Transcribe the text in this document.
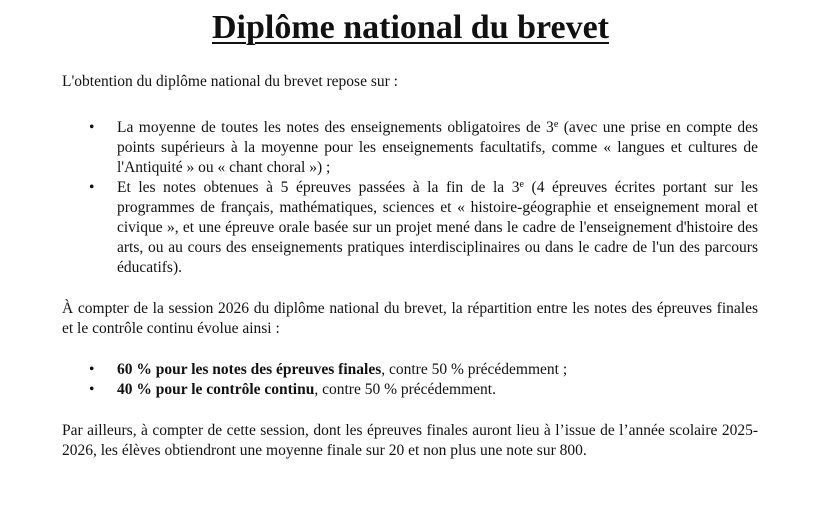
Diplôme national du brevet

L'obtention du diplôme national du brevet repose sur :

• La moyenne de toutes les notes des enseignements obligatoires de 3e (avec une prise en compte des points supérieurs à la moyenne pour les enseignements facultatifs, comme « langues et cultures de l'Antiquité » ou « chant choral ») ;
• Et les notes obtenues à 5 épreuves passées à la fin de la 3e (4 épreuves écrites portant sur les programmes de français, mathématiques, sciences et « histoire-géographie et enseignement moral et civique », et une épreuve orale basée sur un projet mené dans le cadre de l'enseignement d'histoire des arts, ou au cours des enseignements pratiques interdisciplinaires ou dans le cadre de l'un des parcours éducatifs).

À compter de la session 2026 du diplôme national du brevet, la répartition entre les notes des épreuves finales et le contrôle continu évolue ainsi :

• 60 % pour les notes des épreuves finales, contre 50 % précédemment ;
• 40 % pour le contrôle continu, contre 50 % précédemment.

Par ailleurs, à compter de cette session, dont les épreuves finales auront lieu à l’issue de l’année scolaire 2025-2026, les élèves obtiendront une moyenne finale sur 20 et non plus une note sur 800.
